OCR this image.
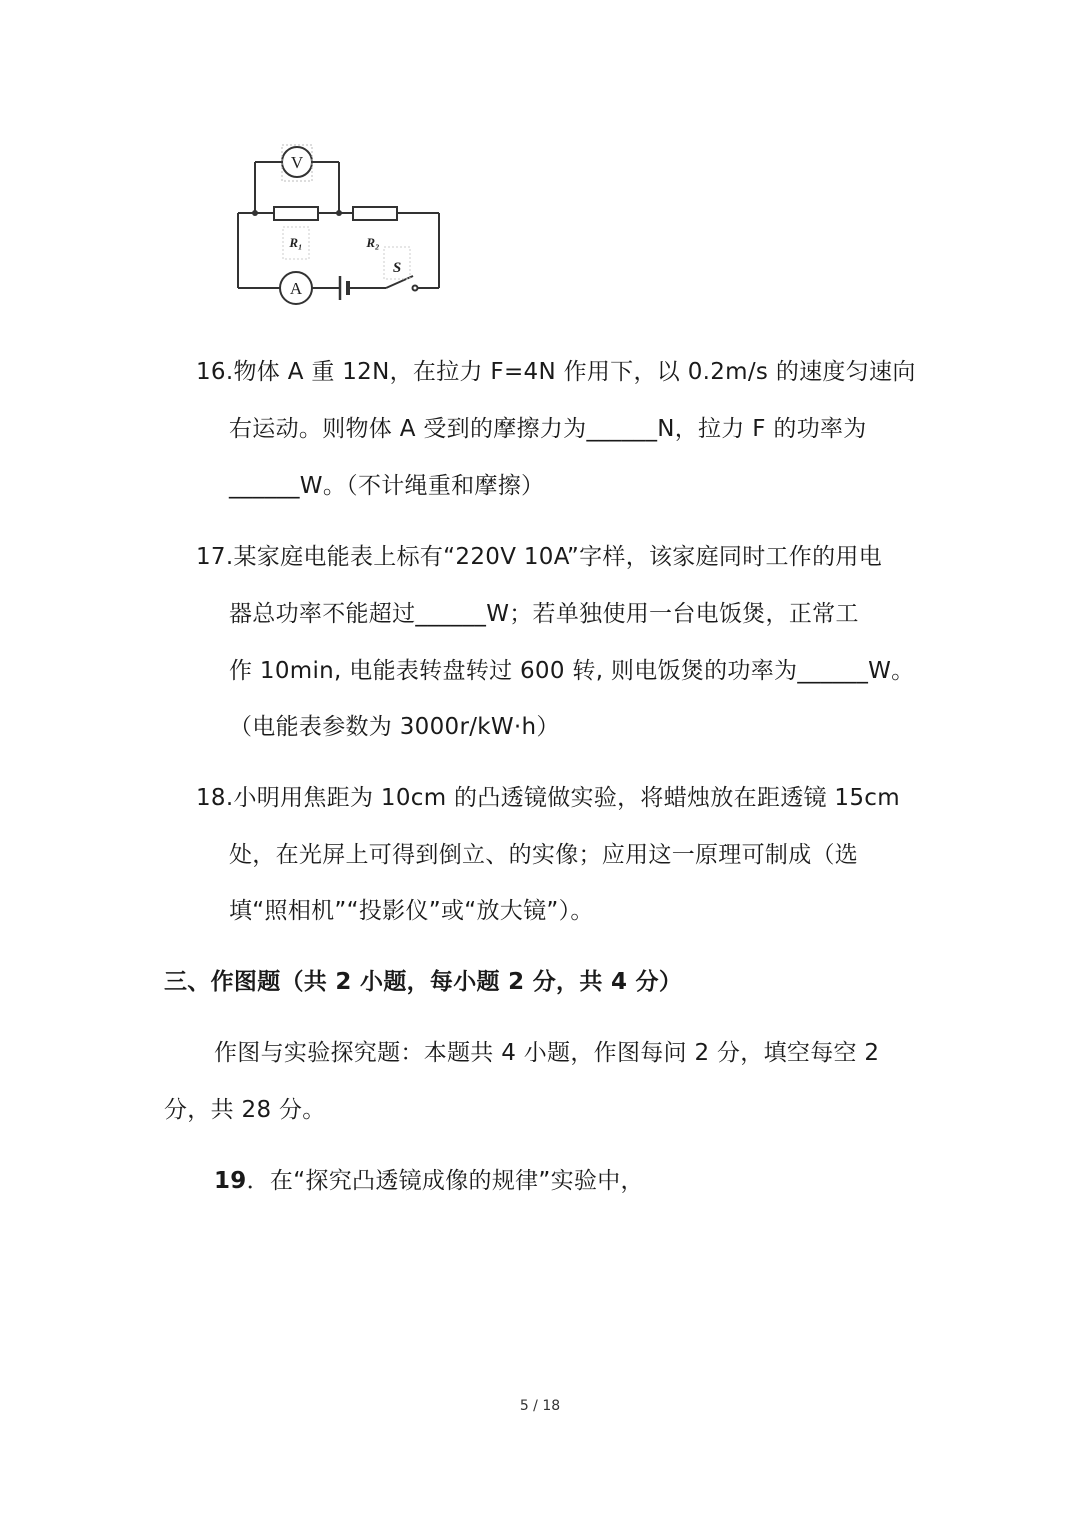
V
A
R₁	R₂
S
16.物体 A 重 12N，在拉力 F=4N 作用下，以 0.2m/s 的速度匀速向
右运动。则物体 A 受到的摩擦力为______N，拉力 F 的功率为
______W。（不计绳重和摩擦）
17.某家庭电能表上标有“220V 10A”字样，该家庭同时工作的用电
器总功率不能超过______W；若单独使用一台电饭煲，正常工
作 10min, 电能表转盘转过 600 转, 则电饭煲的功率为______W。
（电能表参数为 3000r/kW·h）
18.小明用焦距为 10cm 的凸透镜做实验，将蜡烛放在距透镜 15cm
处，在光屏上可得到倒立、的实像；应用这一原理可制成（选
填“照相机”“投影仪”或“放大镜”）。
三、作图题（共 2 小题，每小题 2 分，共 4 分）
作图与实验探究题：本题共 4 小题，作图每问 2 分，填空每空 2
分，共 28 分。
19．在“探究凸透镜成像的规律”实验中，
5 / 18
